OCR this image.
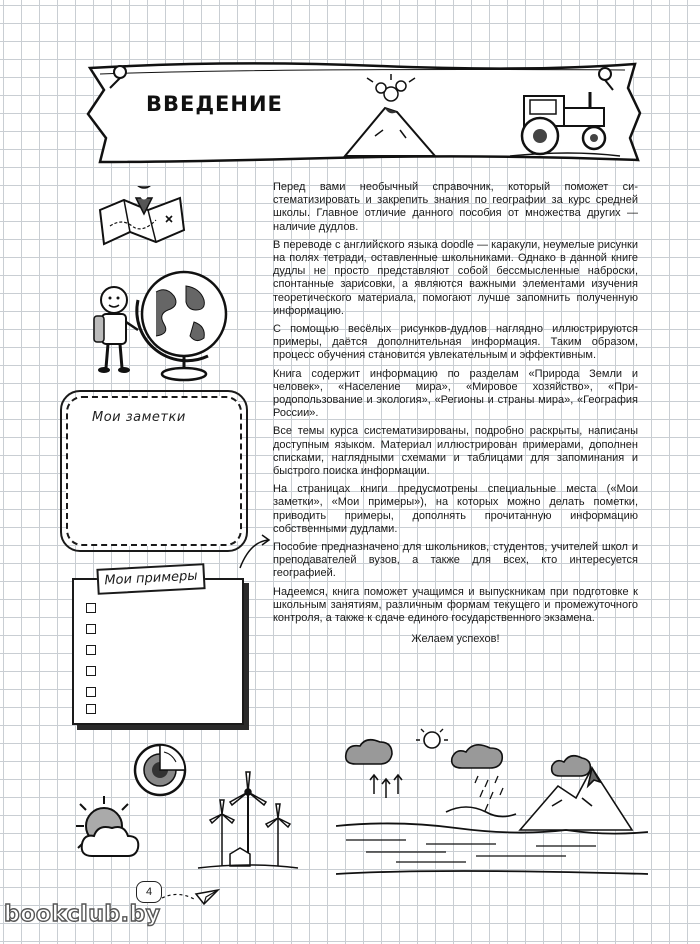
ВВЕДЕНИЕ
Мои заметки
Мои примеры

Перед вами необычный справочник, который поможет систематизировать и закрепить знания по географии за курс средней школы. Главное отличие данного пособия от множества других — наличие дудлов.

В переводе с английского языка doodle — каракули, неумелые рисунки на полях тетради, оставленные школьниками. Однако в данной книге дудлы не просто представляют собой бессмысленные наброски, спонтанные зарисовки, а являются важными элементами изучения теоретического материала, помогают лучше запомнить полученную информацию.

С помощью весёлых рисунков-дудлов наглядно иллюстрируются примеры, даётся дополнительная информация. Таким образом, процесс обучения становится увлекательным и эффективным.

Книга содержит информацию по разделам «Природа Земли и человек», «Население мира», «Мировое хозяйство», «Природопользование и экология», «Регионы и страны мира», «География России».

Все темы курса систематизированы, подробно раскрыты, написаны доступным языком. Материал иллюстрирован примерами, дополнен списками, наглядными схемами и таблицами для запоминания и быстрого поиска информации.

На страницах книги предусмотрены специальные места («Мои заметки», «Мои примеры»), на которых можно делать пометки, приводить примеры, дополнять прочитанную информацию собственными дудлами.

Пособие предназначено для школьников, студентов, учителей школ и преподавателей вузов, а также для всех, кто интересуется географией.

Надеемся, книга поможет учащимся и выпускникам при подготовке к школьным занятиям, различным формам текущего и промежуточного контроля, а также к сдаче единого государственного экзамена.

Желаем успехов!

4
bookclub.by
